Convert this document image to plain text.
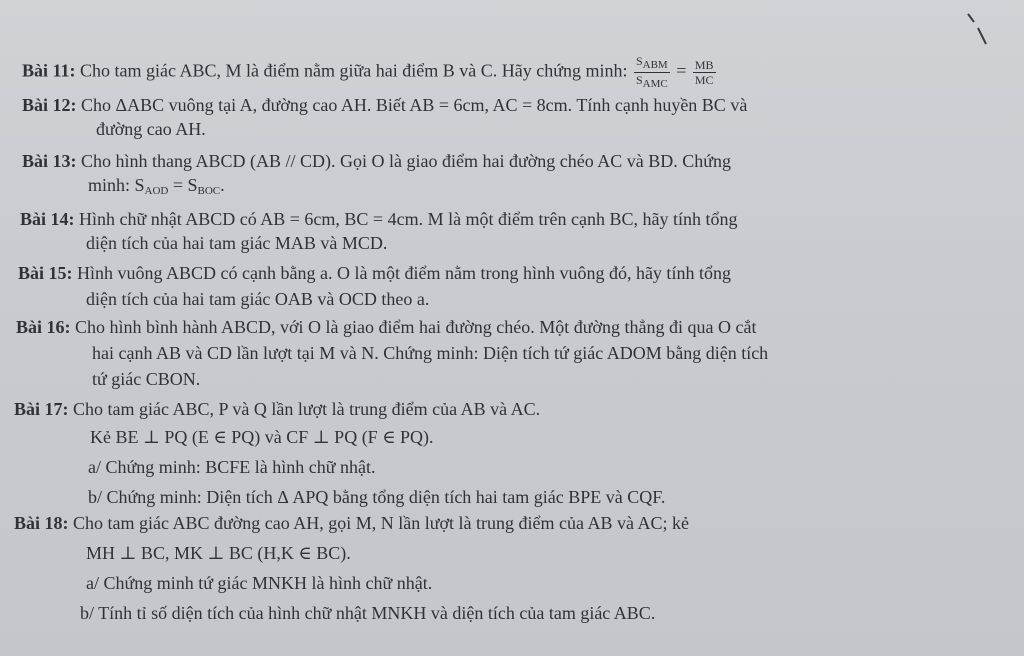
Bài 11: Cho tam giác ABC, M là điểm nằm giữa hai điểm B và C. Hãy chứng minh: $\frac{\text{SABM}}{\text{SAMC}} = \frac{MB}{MC}$
Bài 12: Cho ΔABC vuông tại A, đường cao AH. Biết AB = 6cm, AC = 8cm. Tính cạnh huyền BC và
đường cao AH.
Bài 13: Cho hình thang ABCD (AB // CD). Gọi O là giao điểm hai đường chéo AC và BD. Chứng
minh: $S_{AOD} = S_{BOC}$.
Bài 14: Hình chữ nhật ABCD có AB = 6cm, BC = 4cm. M là một điểm trên cạnh BC, hãy tính tổng
diện tích của hai tam giác MAB và MCD.
Bài 15: Hình vuông ABCD có cạnh bằng a. O là một điểm nằm trong hình vuông đó, hãy tính tổng
diện tích của hai tam giác OAB và OCD theo a.
Bài 16: Cho hình bình hành ABCD, với O là giao điểm hai đường chéo. Một đường thẳng đi qua O cắt
hai cạnh AB và CD lần lượt tại M và N. Chứng minh: Diện tích tứ giác ADOM bằng diện tích
tứ giác CBON.
Bài 17: Cho tam giác ABC, P và Q lần lượt là trung điểm của AB và AC.
Kẻ BE ⊥ PQ (E ∈ PQ) và CF ⊥ PQ (F ∈ PQ).
a/ Chứng minh: BCFE là hình chữ nhật.
b/ Chứng minh: Diện tích Δ APQ bằng tổng diện tích hai tam giác BPE và CQF.
Bài 18: Cho tam giác ABC đường cao AH, gọi M, N lần lượt là trung điểm của AB và AC; kẻ
MH ⊥ BC, MK ⊥ BC (H,K ∈ BC).
a/ Chứng minh tứ giác MNKH là hình chữ nhật.
b/ Tính tỉ số diện tích của hình chữ nhật MNKH và diện tích của tam giác ABC.
